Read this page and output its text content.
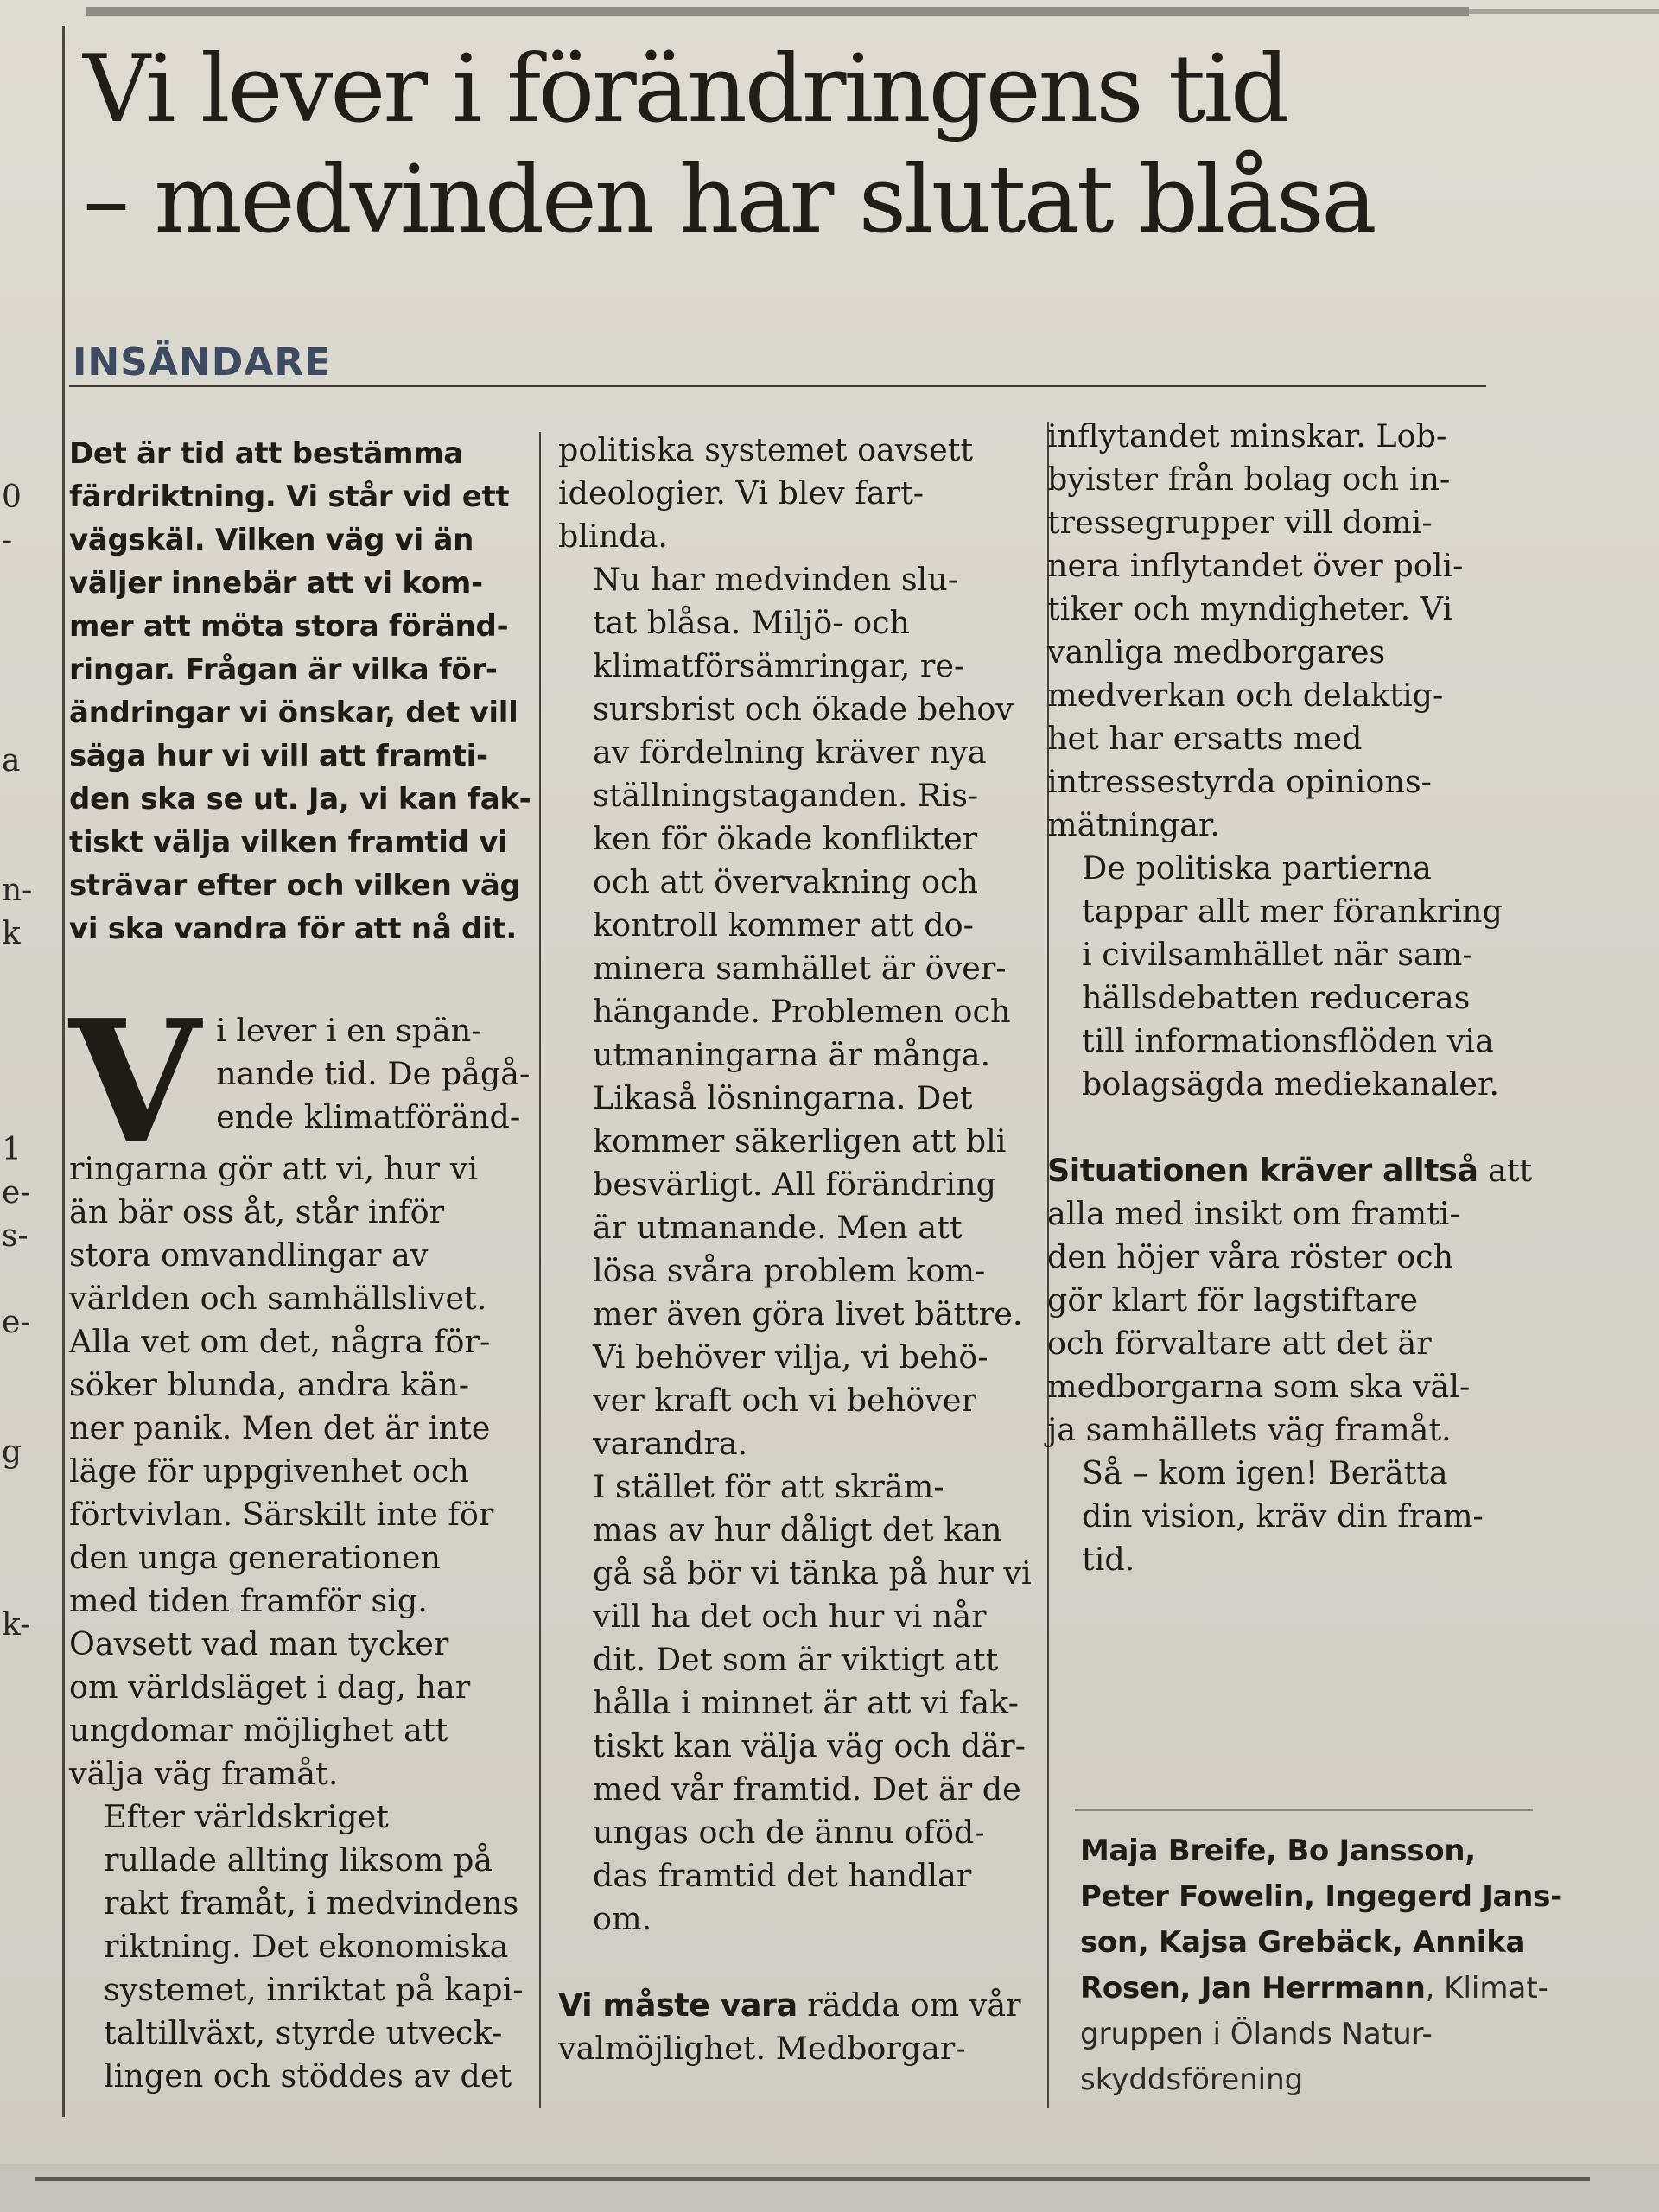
0
-
a
n-
k
1
e-
s-
e-
g
k-
Vi lever i förändringens tid
– medvinden har slutat blåsa
INSÄNDARE
Det är tid att bestämma
färdriktning. Vi står vid ett
vägskäl. Vilken väg vi än
väljer innebär att vi kom-
mer att möta stora föränd-
ringar. Frågan är vilka för-
ändringar vi önskar, det vill
säga hur vi vill att framti-
den ska se ut. Ja, vi kan fak-
tiskt välja vilken framtid vi
strävar efter och vilken väg
vi ska vandra för att nå dit.
V i lever i en spän-
nande tid. De pågå-
ende klimatföränd-
ringarna gör att vi, hur vi
än bär oss åt, står inför
stora omvandlingar av
världen och samhällslivet.
Alla vet om det, några för-
söker blunda, andra kän-
ner panik. Men det är inte
läge för uppgivenhet och
förtvivlan. Särskilt inte för
den unga generationen
med tiden framför sig.
Oavsett vad man tycker
om världsläget i dag, har
ungdomar möjlighet att
välja väg framåt.
Efter världskriget
rullade allting liksom på
rakt framåt, i medvindens
riktning. Det ekonomiska
systemet, inriktat på kapi-
taltillväxt, styrde utveck-
lingen och stöddes av det
politiska systemet oavsett
ideologier. Vi blev fart-
blinda.
Nu har medvinden slu-
tat blåsa. Miljö- och
klimatförsämringar, re-
sursbrist och ökade behov
av fördelning kräver nya
ställningstaganden. Ris-
ken för ökade konflikter
och att övervakning och
kontroll kommer att do-
minera samhället är över-
hängande. Problemen och
utmaningarna är många.
Likaså lösningarna. Det
kommer säkerligen att bli
besvärligt. All förändring
är utmanande. Men att
lösa svåra problem kom-
mer även göra livet bättre.
Vi behöver vilja, vi behö-
ver kraft och vi behöver
varandra.
I stället för att skräm-
mas av hur dåligt det kan
gå så bör vi tänka på hur vi
vill ha det och hur vi når
dit. Det som är viktigt att
hålla i minnet är att vi fak-
tiskt kan välja väg och där-
med vår framtid. Det är de
ungas och de ännu oföd-
das framtid det handlar
om.
Vi måste vara rädda om vår
valmöjlighet. Medborgar-
inflytandet minskar. Lob-
byister från bolag och in-
tressegrupper vill domi-
nera inflytandet över poli-
tiker och myndigheter. Vi
vanliga medborgares
medverkan och delaktig-
het har ersatts med
intressestyrda opinions-
mätningar.
De politiska partierna
tappar allt mer förankring
i civilsamhället när sam-
hällsdebatten reduceras
till informationsflöden via
bolagsägda mediekanaler.
Situationen kräver alltså att
alla med insikt om framti-
den höjer våra röster och
gör klart för lagstiftare
och förvaltare att det är
medborgarna som ska väl-
ja samhällets väg framåt.
Så – kom igen! Berätta
din vision, kräv din fram-
tid.
Maja Breife, Bo Jansson,
Peter Fowelin, Ingegerd Jans-
son, Kajsa Grebäck, Annika
Rosen, Jan Herrmann, Klimat-
gruppen i Ölands Natur-
skyddsförening
